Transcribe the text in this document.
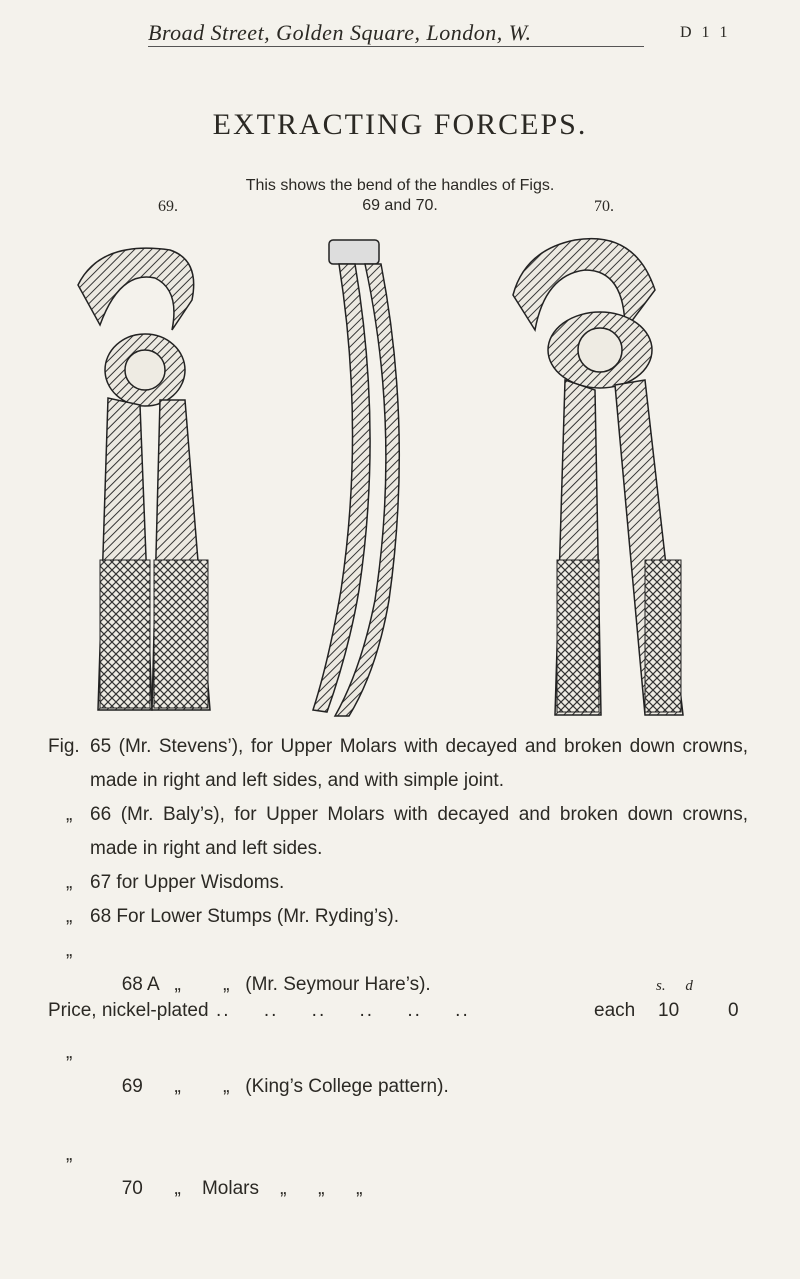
Broad Street, Golden Square, London, W.	D 1 1
EXTRACTING FORCEPS.
69.
This shows the bend of the handles of Figs. 69 and 70.	70.
Fig. 65 (Mr. Stevens’), for Upper Molars with decayed and broken down crowns, made in right and left sides, and with simple joint.
„ 66 (Mr. Baly’s), for Upper Molars with decayed and broken down crowns, made in right and left sides.
„ 67 for Upper Wisdoms.
„ 68 For Lower Stumps (Mr. Ryding’s).
„

68 A „        „   (Mr. Seymour Hare’s).

„

69 „        „   (King’s College pattern).

„

70 „    Molars    „      „      „

s. d
Price, nickel-plated .. .. .. .. .. ..	each 10	0
